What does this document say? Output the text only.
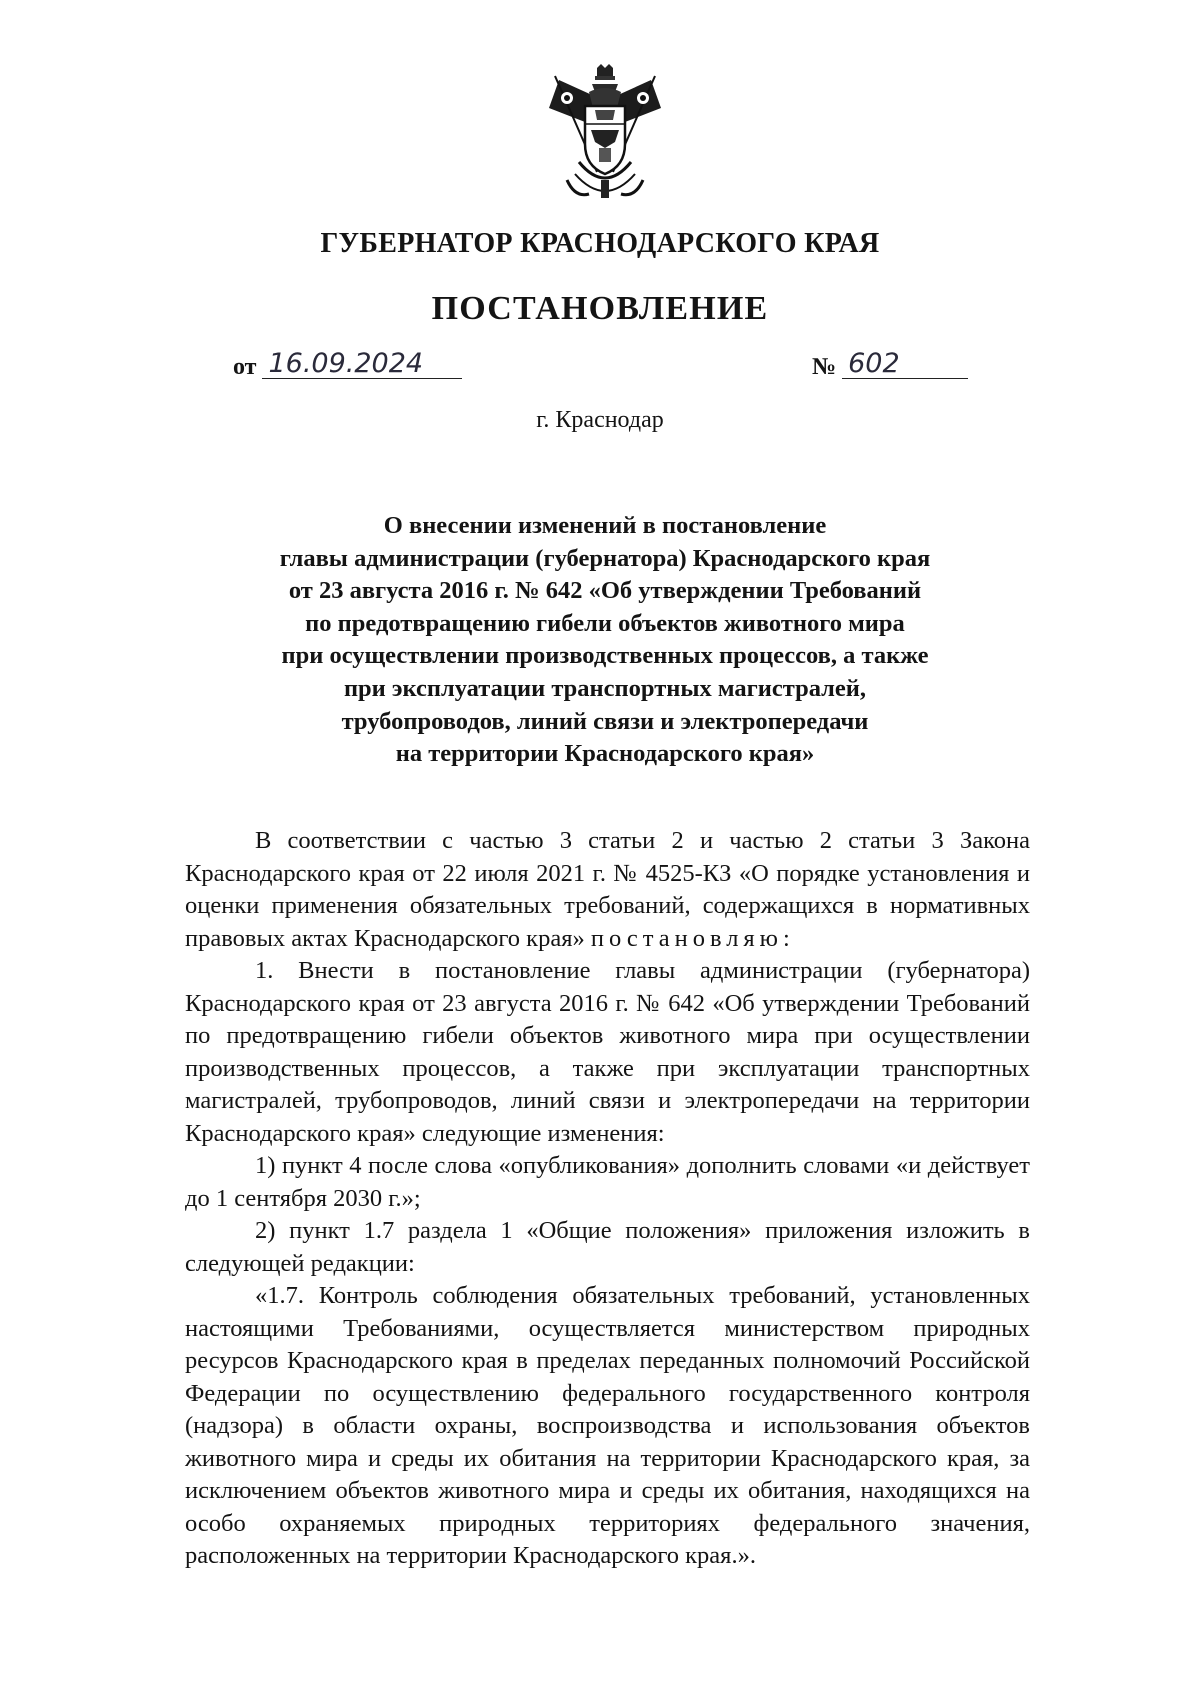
ГУБЕРНАТОР КРАСНОДАРСКОГО КРАЯ
ПОСТАНОВЛЕНИЕ
от 16.09.2024	№ 602
г. Краснодар
О внесении изменений в постановление
главы администрации (губернатора) Краснодарского края
от 23 августа 2016 г. № 642 «Об утверждении Требований
по предотвращению гибели объектов животного мира
при осуществлении производственных процессов, а также
при эксплуатации транспортных магистралей,
трубопроводов, линий связи и электропередачи
на территории Краснодарского края»

В соответствии с частью 3 статьи 2 и частью 2 статьи 3 Закона Краснодарского края от 22 июля 2021 г. № 4525-КЗ «О порядке установления и оценки применения обязательных требований, содержащихся в нормативных правовых актах Краснодарского края» постановляю:

1. Внести в постановление главы администрации (губернатора) Краснодарского края от 23 августа 2016 г. № 642 «Об утверждении Требований по предотвращению гибели объектов животного мира при осуществлении производственных процессов, а также при эксплуатации транспортных магистралей, трубопроводов, линий связи и электропередачи на территории Краснодарского края» следующие изменения:

1) пункт 4 после слова «опубликования» дополнить словами «и действует до 1 сентября 2030 г.»;

2) пункт 1.7 раздела 1 «Общие положения» приложения изложить в следующей редакции:

«1.7. Контроль соблюдения обязательных требований, установленных настоящими Требованиями, осуществляется министерством природных ресурсов Краснодарского края в пределах переданных полномочий Российской Федерации по осуществлению федерального государственного контроля (надзора) в области охраны, воспроизводства и использования объектов животного мира и среды их обитания на территории Краснодарского края, за исключением объектов животного мира и среды их обитания, находящихся на особо охраняемых природных территориях федерального значения, расположенных на территории Краснодарского края.».
